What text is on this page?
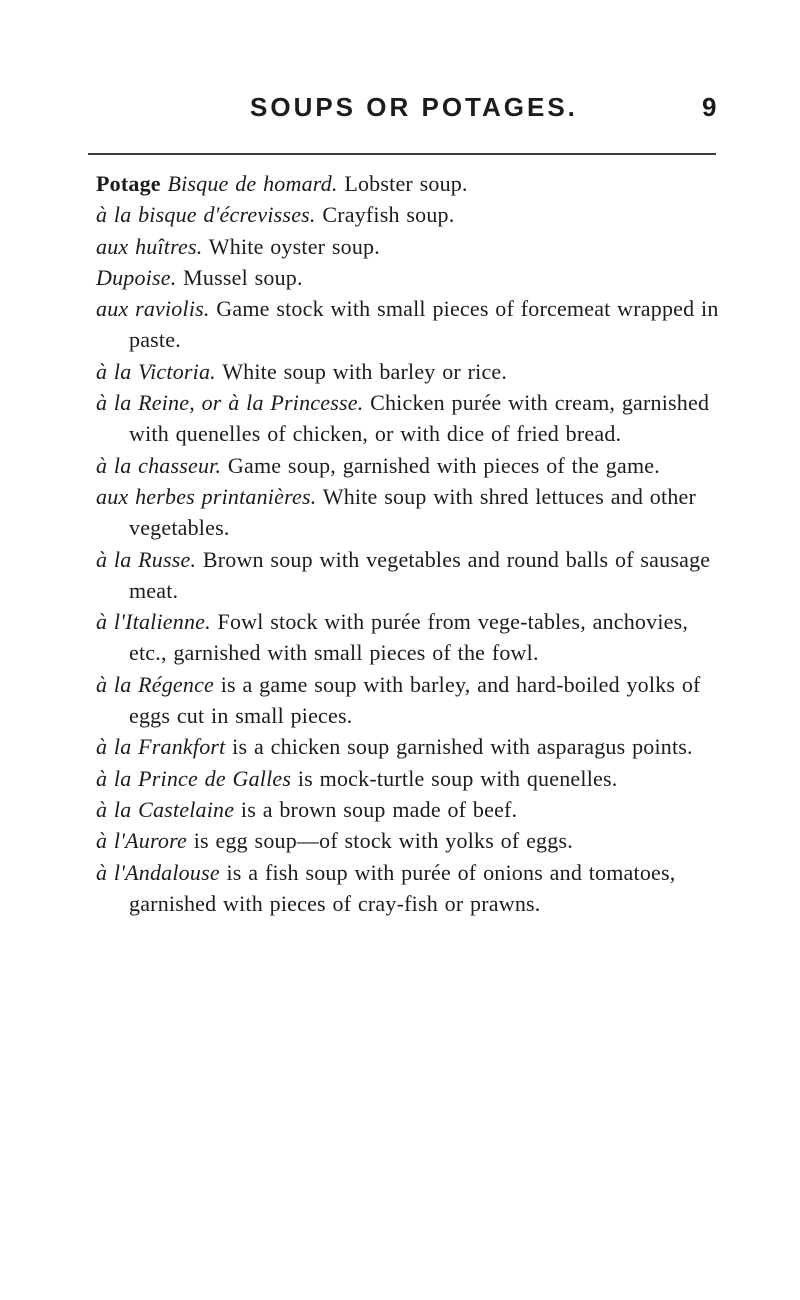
SOUPS OR POTAGES.	9
Potage Bisque de homard. Lobster soup.
à la bisque d'écrevisses. Crayfish soup.
aux huîtres. White oyster soup.
Dupoise. Mussel soup.
aux raviolis. Game stock with small pieces of forcemeat wrapped in paste.
à la Victoria. White soup with barley or rice.
à la Reine, or à la Princesse. Chicken purée with cream, garnished with quenelles of chicken, or with dice of fried bread.
à la chasseur. Game soup, garnished with pieces of the game.
aux herbes printanières. White soup with shred lettuces and other vegetables.
à la Russe. Brown soup with vegetables and round balls of sausage meat.
à l'Italienne. Fowl stock with purée from vege-tables, anchovies, etc., garnished with small pieces of the fowl.
à la Régence is a game soup with barley, and hard-boiled yolks of eggs cut in small pieces.
à la Frankfort is a chicken soup garnished with asparagus points.
à la Prince de Galles is mock-turtle soup with quenelles.
à la Castelaine is a brown soup made of beef.
à l'Aurore is egg soup—of stock with yolks of eggs.
à l'Andalouse is a fish soup with purée of onions and tomatoes, garnished with pieces of cray-fish or prawns.
